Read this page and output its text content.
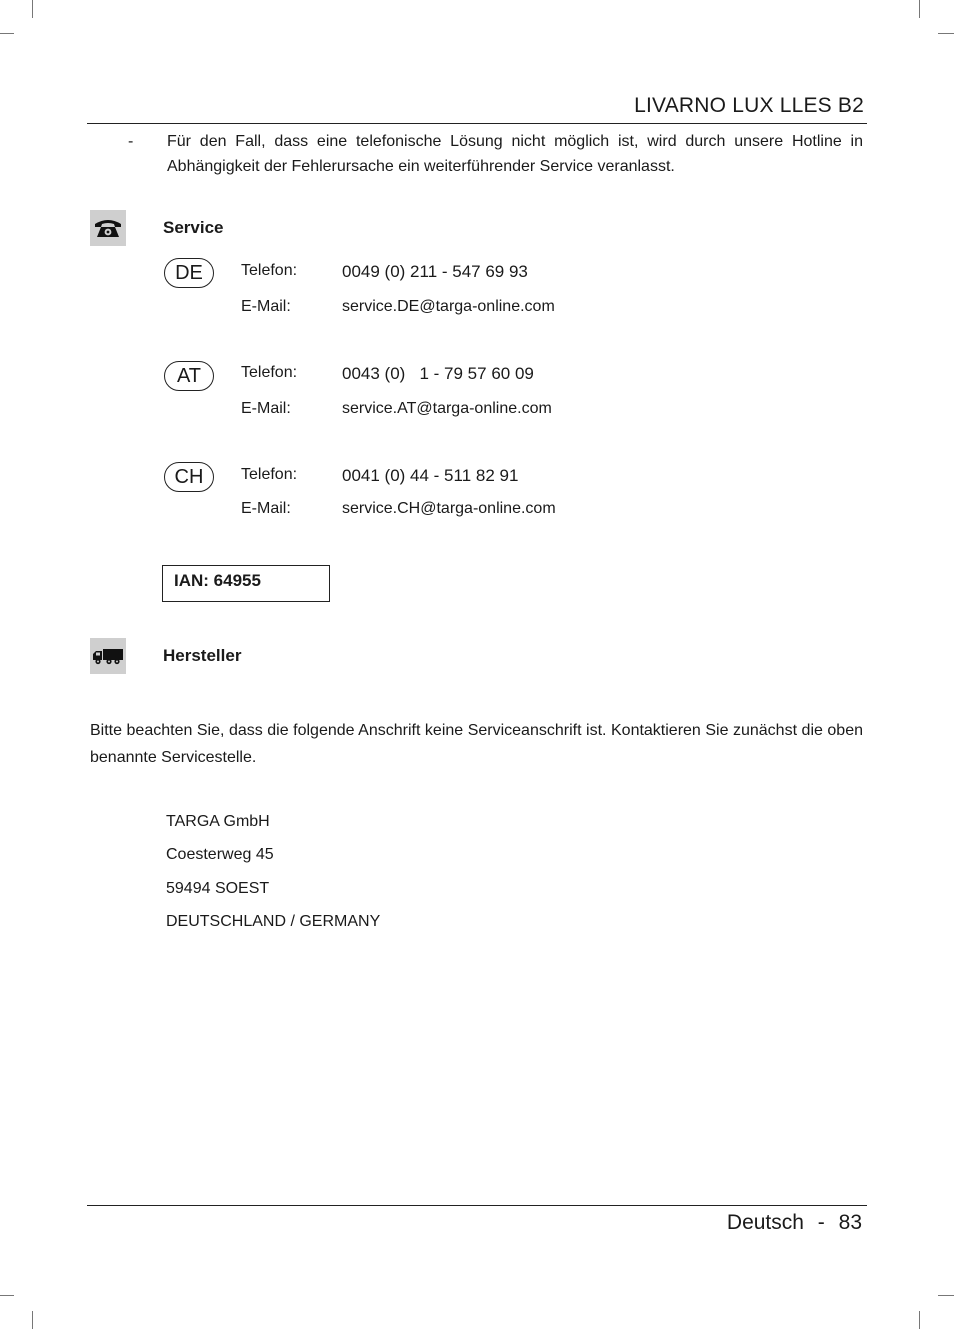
LIVARNO LUX LLES B2
- Für den Fall, dass eine telefonische Lösung nicht möglich ist, wird durch unsere Hotline in Abhängigkeit der Fehlerursache ein weiterführender Service veranlasst.
Service
DE	Telefon:	0049 (0) 211 - 547 69 93
E-Mail:	service.DE@targa-online.com
AT	Telefon:	0043 (0)   1 - 79 57 60 09
E-Mail:	service.AT@targa-online.com
CH	Telefon:	0041 (0) 44 - 511 82 91
E-Mail:	service.CH@targa-online.com
IAN: 64955
Hersteller
Bitte beachten Sie, dass die folgende Anschrift keine Serviceanschrift ist. Kontaktieren Sie zunächst die oben benannte Servicestelle.
TARGA GmbH
Coesterweg 45
59494 SOEST
DEUTSCHLAND / GERMANY
Deutsch - 83
